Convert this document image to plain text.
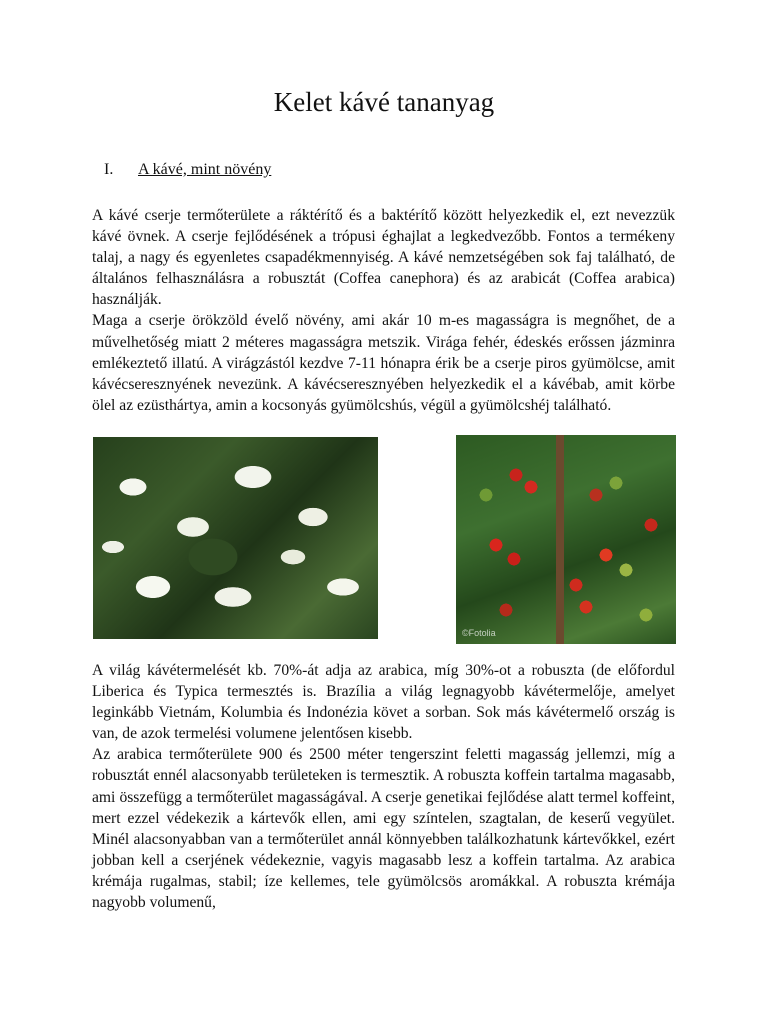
Kelet kávé tananyag
I. A kávé, mint növény
A kávé cserje termőterülete a ráktérítő és a baktérítő között helyezkedik el, ezt nevezzük kávé övnek. A cserje fejlődésének a trópusi éghajlat a legkedvezőbb. Fontos a termékeny talaj, a nagy és egyenletes csapadékmennyiség. A kávé nemzetségében sok faj található, de általános felhasználásra a robusztát (Coffea canephora) és az arabicát (Coffea arabica) használják.
Maga a cserje örökzöld évelő növény, ami akár 10 m-es magasságra is megnőhet, de a művelhetőség miatt 2 méteres magasságra metszik. Virága fehér, édeskés erőssen jázminra emlékeztető illatú. A virágzástól kezdve 7-11 hónapra érik be a cserje piros gyümölcse, amit kávécseresznyének nevezünk. A kávécseresznyében helyezkedik el a kávébab, amit körbe ölel az ezüsthártya, amin a kocsonyás gyümölcshús, végül a gyümölcshéj található.
©Fotolia
A világ kávétermelését kb. 70%-át adja az arabica, míg 30%-ot a robuszta (de előfordul Liberica és Typica termesztés is. Brazília a világ legnagyobb kávétermelője, amelyet leginkább Vietnám, Kolumbia és Indonézia követ a sorban. Sok más kávétermelő ország is van, de azok termelési volumene jelentősen kisebb.
Az arabica termőterülete 900 és 2500 méter tengerszint feletti magasság jellemzi, míg a robusztát ennél alacsonyabb területeken is termesztik. A robuszta koffein tartalma magasabb, ami összefügg a termőterület magasságával. A cserje genetikai fejlődése alatt termel koffeint, mert ezzel védekezik a kártevők ellen, ami egy színtelen, szagtalan, de keserű vegyület. Minél alacsonyabban van a termőterület annál könnyebben találkozhatunk kártevőkkel, ezért jobban kell a cserjének védekeznie, vagyis magasabb lesz a koffein tartalma. Az arabica krémája rugalmas, stabil; íze kellemes, tele gyümölcsös aromákkal. A robuszta krémája nagyobb volumenű,
